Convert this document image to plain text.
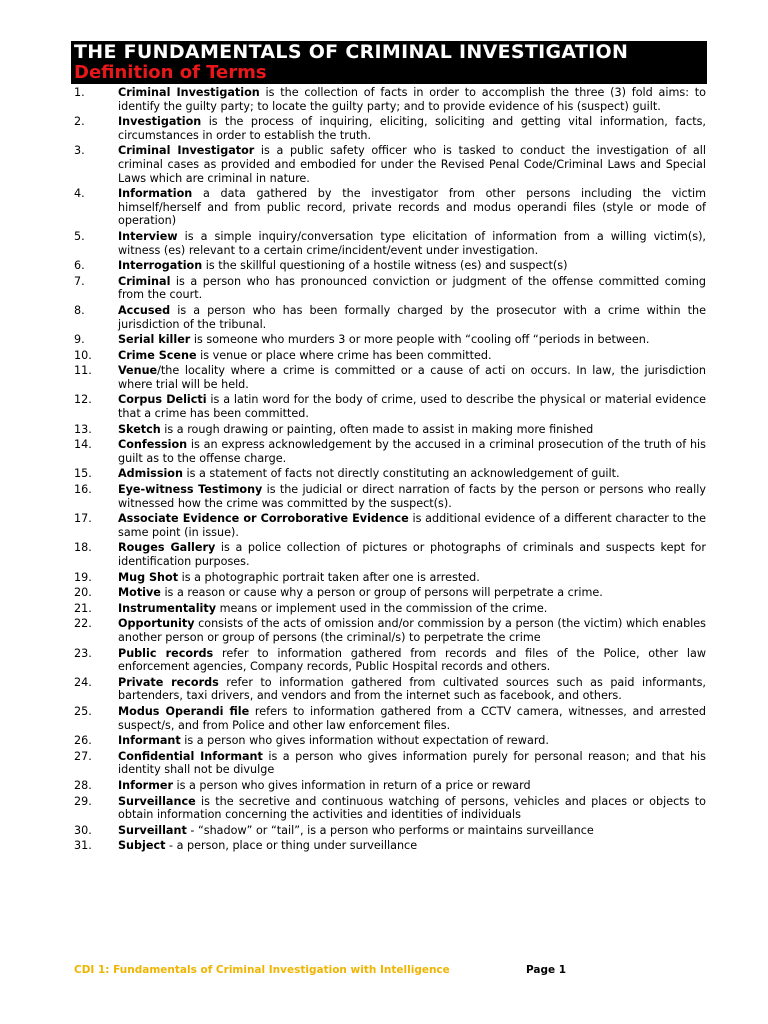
THE FUNDAMENTALS OF CRIMINAL INVESTIGATION
Definition of Terms
1.	Criminal Investigation is the collection of facts in order to accomplish the three (3) fold aims: to identify the guilty party; to locate the guilty party; and to provide evidence of his (suspect) guilt.
2.	Investigation is the process of inquiring, eliciting, soliciting and getting vital information, facts, circumstances in order to establish the truth.
3.	Criminal Investigator is a public safety officer who is tasked to conduct the investigation of all criminal cases as provided and embodied for under the Revised Penal Code/Criminal Laws and Special Laws which are criminal in nature.
4.	Information a data gathered by the investigator from other persons including the victim himself/herself and from public record, private records and modus operandi files (style or mode of operation)
5.	Interview is a simple inquiry/conversation type elicitation of information from a willing victim(s), witness (es) relevant to a certain crime/incident/event under investigation.
6.	Interrogation is the skillful questioning of a hostile witness (es) and suspect(s)
7.	Criminal is a person who has pronounced conviction or judgment of the offense committed coming from the court.
8.	Accused is a person who has been formally charged by the prosecutor with a crime within the jurisdiction of the tribunal.
9.	Serial killer is someone who murders 3 or more people with “cooling off “periods in between.
10.	Crime Scene is venue or place where crime has been committed.
11.	Venue/the locality where a crime is committed or a cause of acti on occurs. In law, the jurisdiction where trial will be held.
12.	Corpus Delicti is a latin word for the body of crime, used to describe the physical or material evidence that a crime has been committed.
13.	Sketch is a rough drawing or painting, often made to assist in making more finished
14.	Confession is an express acknowledgement by the accused in a criminal prosecution of the truth of his guilt as to the offense charge.
15.	Admission is a statement of facts not directly constituting an acknowledgement of guilt.
16.	Eye-witness Testimony is the judicial or direct narration of facts by the person or persons who really witnessed how the crime was committed by the suspect(s).
17.	Associate Evidence or Corroborative Evidence is additional evidence of a different character to the same point (in issue).
18.	Rouges Gallery is a police collection of pictures or photographs of criminals and suspects kept for identification purposes.
19.	Mug Shot is a photographic portrait taken after one is arrested.
20.	Motive is a reason or cause why a person or group of persons will perpetrate a crime.
21.	Instrumentality means or implement used in the commission of the crime.
22.	Opportunity consists of the acts of omission and/or commission by a person (the victim) which enables another person or group of persons (the criminal/s) to perpetrate the crime
23.	Public records refer to information gathered from records and files of the Police, other law enforcement agencies, Company records, Public Hospital records and others.
24.	Private records refer to information gathered from cultivated sources such as paid informants, bartenders, taxi drivers, and vendors and from the internet such as facebook, and others.
25.	Modus Operandi file refers to information gathered from a CCTV camera, witnesses, and arrested suspect/s, and from Police and other law enforcement files.
26.	Informant is a person who gives information without expectation of reward.
27.	Confidential Informant is a person who gives information purely for personal reason; and that his identity shall not be divulge
28.	Informer is a person who gives information in return of a price or reward
29.	Surveillance is the secretive and continuous watching of persons, vehicles and places or objects to obtain information concerning the activities and identities of individuals
30.	Surveillant - “shadow” or “tail”, is a person who performs or maintains surveillance
31.	Subject - a person, place or thing under surveillance
CDI 1: Fundamentals of Criminal Investigation with Intelligence	Page 1
